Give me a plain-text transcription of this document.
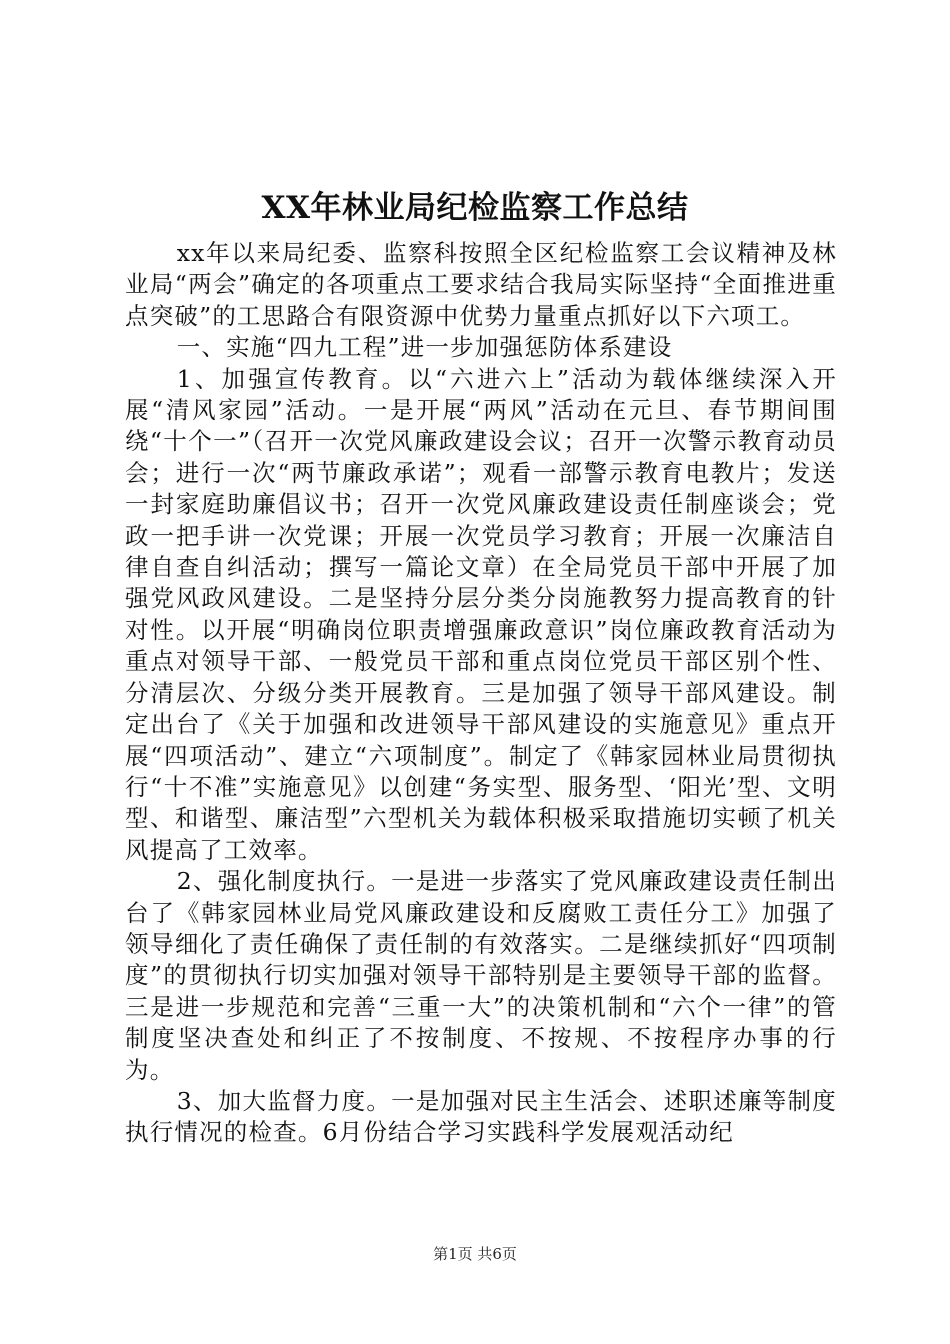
XX年林业局纪检监察工作总结

xx年以来局纪委、监察科按照全区纪检监察工会议精神及林业局“两会”确定的各项重点工要求结合我局实际坚持“全面推进重点突破”的工思路合有限资源中优势力量重点抓好以下六项工。

一、实施“四九工程”进一步加强惩防体系建设

1、加强宣传教育。以“六进六上”活动为载体继续深入开展“清风家园”活动。一是开展“两风”活动在元旦、春节期间围绕“十个一”（召开一次党风廉政建设会议；召开一次警示教育动员会；进行一次“两节廉政承诺”；观看一部警示教育电教片；发送一封家庭助廉倡议书；召开一次党风廉政建设责任制座谈会；党政一把手讲一次党课；开展一次党员学习教育；开展一次廉洁自律自查自纠活动；撰写一篇论文章）在全局党员干部中开展了加强党风政风建设。二是坚持分层分类分岗施教努力提高教育的针对性。以开展“明确岗位职责增强廉政意识”岗位廉政教育活动为重点对领导干部、一般党员干部和重点岗位党员干部区别个性、分清层次、分级分类开展教育。三是加强了领导干部风建设。制定出台了《关于加强和改进领导干部风建设的实施意见》重点开展“四项活动”、建立“六项制度”。制定了《韩家园林业局贯彻执行“十不准”实施意见》以创建“务实型、服务型、‘阳光’型、文明型、和谐型、廉洁型”六型机关为载体积极采取措施切实顿了机关风提高了工效率。

2、强化制度执行。一是进一步落实了党风廉政建设责任制出台了《韩家园林业局党风廉政建设和反腐败工责任分工》加强了领导细化了责任确保了责任制的有效落实。二是继续抓好“四项制度”的贯彻执行切实加强对领导干部特别是主要领导干部的监督。三是进一步规范和完善“三重一大”的决策机制和“六个一律”的管制度坚决查处和纠正了不按制度、不按规、不按程序办事的行为。

3、加大监督力度。一是加强对民主生活会、述职述廉等制度执行情况的检查。6月份结合学习实践科学发展观活动纪

第1页 共6页
